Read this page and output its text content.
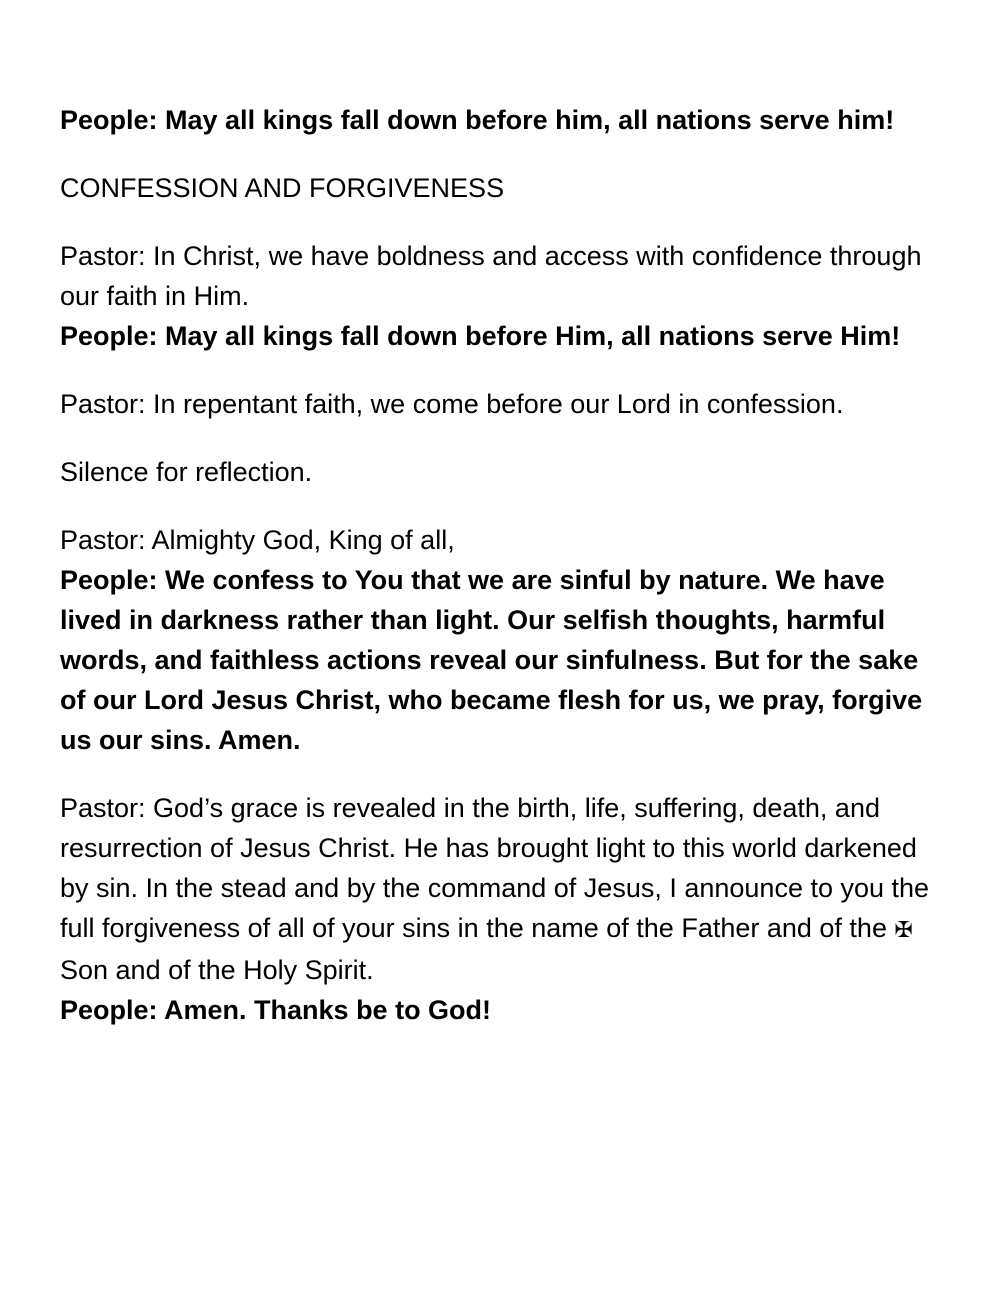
People: May all kings fall down before him, all nations serve him!
CONFESSION AND FORGIVENESS
Pastor: In Christ, we have boldness and access with confidence through our faith in Him.
People: May all kings fall down before Him, all nations serve Him!
Pastor: In repentant faith, we come before our Lord in confession.
Silence for reflection.
Pastor: Almighty God, King of all,
People: We confess to You that we are sinful by nature. We have lived in darkness rather than light. Our selfish thoughts, harmful words, and faithless actions reveal our sinfulness. But for the sake of our Lord Jesus Christ, who became flesh for us, we pray, forgive us our sins. Amen.
Pastor: God’s grace is revealed in the birth, life, suffering, death, and resurrection of Jesus Christ. He has brought light to this world darkened by sin. In the stead and by the command of Jesus, I announce to you the full forgiveness of all of your sins in the name of the Father and of the ✠ Son and of the Holy Spirit.
People: Amen. Thanks be to God!
